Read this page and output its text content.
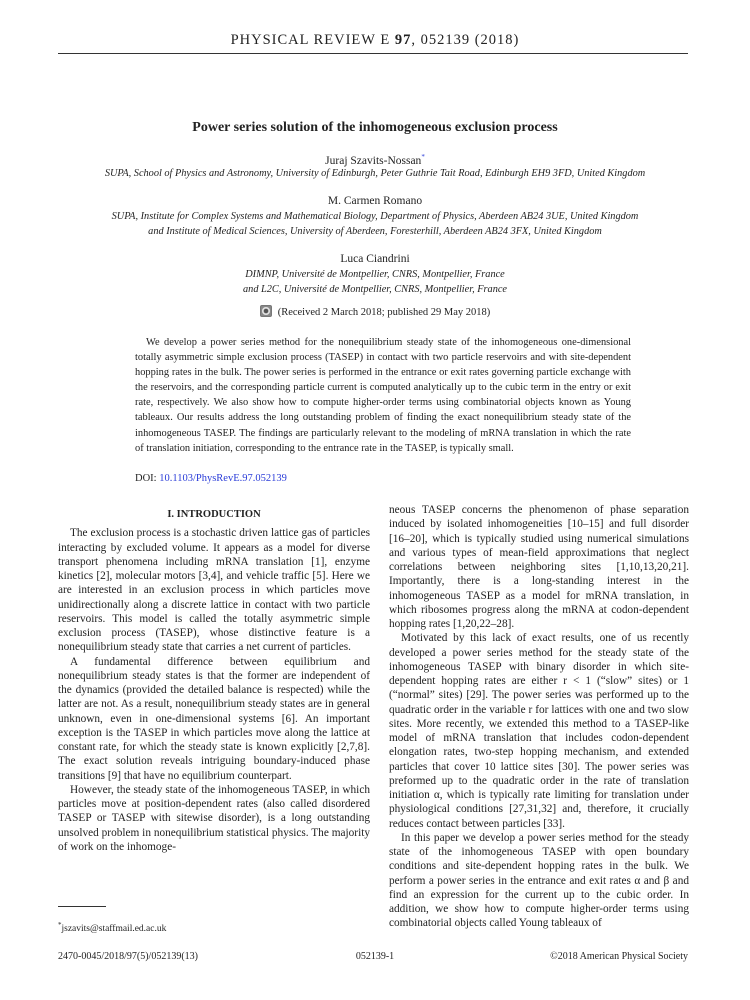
PHYSICAL REVIEW E 97, 052139 (2018)
Power series solution of the inhomogeneous exclusion process
Juraj Szavits-Nossan*
SUPA, School of Physics and Astronomy, University of Edinburgh, Peter Guthrie Tait Road, Edinburgh EH9 3FD, United Kingdom
M. Carmen Romano
SUPA, Institute for Complex Systems and Mathematical Biology, Department of Physics, Aberdeen AB24 3UE, United Kingdom
and Institute of Medical Sciences, University of Aberdeen, Foresterhill, Aberdeen AB24 3FX, United Kingdom
Luca Ciandrini
DIMNP, Université de Montpellier, CNRS, Montpellier, France
and L2C, Université de Montpellier, CNRS, Montpellier, France
(Received 2 March 2018; published 29 May 2018)
We develop a power series method for the nonequilibrium steady state of the inhomogeneous one-dimensional totally asymmetric simple exclusion process (TASEP) in contact with two particle reservoirs and with site-dependent hopping rates in the bulk. The power series is performed in the entrance or exit rates governing particle exchange with the reservoirs, and the corresponding particle current is computed analytically up to the cubic term in the entry or exit rate, respectively. We also show how to compute higher-order terms using combinatorial objects known as Young tableaux. Our results address the long outstanding problem of finding the exact nonequilibrium steady state of the inhomogeneous TASEP. The findings are particularly relevant to the modeling of mRNA translation in which the rate of translation initiation, corresponding to the entrance rate in the TASEP, is typically small.
DOI: 10.1103/PhysRevE.97.052139

I. INTRODUCTION

The exclusion process is a stochastic driven lattice gas of particles interacting by excluded volume. It appears as a model for diverse transport phenomena including mRNA translation [1], enzyme kinetics [2], molecular motors [3,4], and vehicle traffic [5]. Here we are interested in an exclusion process in which particles move unidirectionally along a discrete lattice in contact with two particle reservoirs. This model is called the totally asymmetric simple exclusion process (TASEP), whose distinctive feature is a nonequilibrium steady state that carries a net current of particles.

A fundamental difference between equilibrium and nonequilibrium steady states is that the former are independent of the dynamics (provided the detailed balance is respected) while the latter are not. As a result, nonequilibrium steady states are in general unknown, even in one-dimensional systems [6]. An important exception is the TASEP in which particles move along the lattice at constant rate, for which the steady state is known explicitly [2,7,8]. The exact solution reveals intriguing boundary-induced phase transitions [9] that have no equilibrium counterpart.

However, the steady state of the inhomogeneous TASEP, in which particles move at position-dependent rates (also called disordered TASEP or TASEP with sitewise disorder), is a long outstanding unsolved problem in nonequilibrium statistical physics. The majority of work on the inhomoge-

neous TASEP concerns the phenomenon of phase separation induced by isolated inhomogeneities [10–15] and full disorder [16–20], which is typically studied using numerical simulations and various types of mean-field approximations that neglect correlations between neighboring sites [1,10,13,20,21]. Importantly, there is a long-standing interest in the inhomogeneous TASEP as a model for mRNA translation, in which ribosomes progress along the mRNA at codon-dependent hopping rates [1,20,22–28].

Motivated by this lack of exact results, one of us recently developed a power series method for the steady state of the inhomogeneous TASEP with binary disorder in which site-dependent hopping rates are either r < 1 (“slow” sites) or 1 (“normal” sites) [29]. The power series was performed up to the quadratic order in the variable r for lattices with one and two slow sites. More recently, we extended this method to a TASEP-like model of mRNA translation that includes codon-dependent elongation rates, two-step hopping mechanism, and extended particles that cover 10 lattice sites [30]. The power series was preformed up to the quadratic order in the rate of translation initiation α, which is typically rate limiting for translation under physiological conditions [27,31,32] and, therefore, it crucially reduces contact between particles [33].

In this paper we develop a power series method for the steady state of the inhomogeneous TASEP with open boundary conditions and site-dependent hopping rates in the bulk. We perform a power series in the entrance and exit rates α and β and find an expression for the current up to the cubic order. In addition, we show how to compute higher-order terms using combinatorial objects called Young tableaux of

*jszavits@staffmail.ed.ac.uk
2470-0045/2018/97(5)/052139(13)	052139-1	©2018 American Physical Society
